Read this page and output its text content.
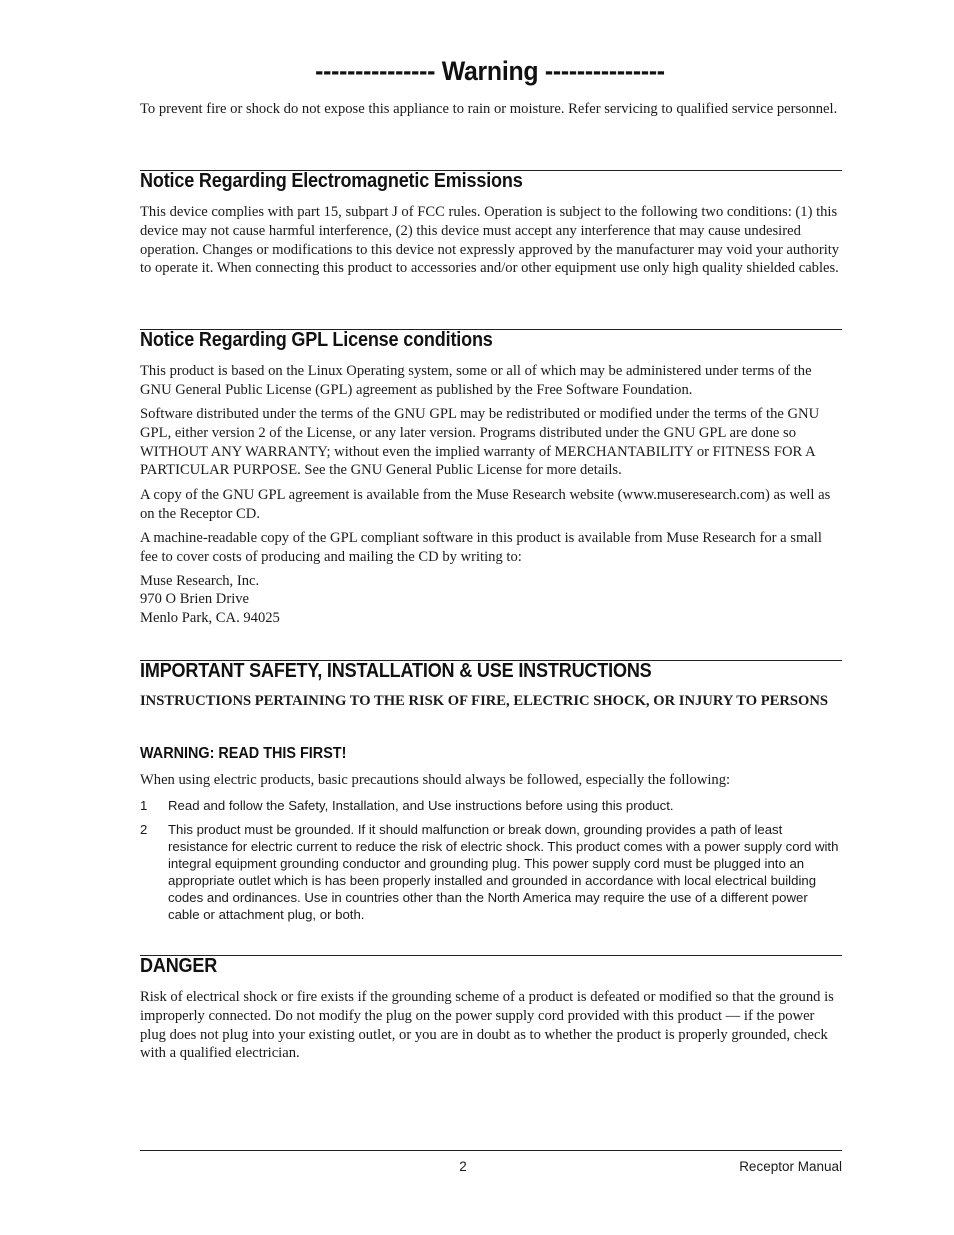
--------------- Warning ---------------

To prevent fire or shock do not expose this appliance to rain or moisture. Refer servicing to qualified service personnel.

Notice Regarding Electromagnetic Emissions

This device complies with part 15, subpart J of FCC rules. Operation is subject to the following two conditions: (1) this device may not cause harmful interference, (2) this device must accept any interference that may cause undesired operation. Changes or modifications to this device not expressly approved by the manufacturer may void your authority to operate it. When connecting this product to accessories and/or other equipment use only high quality shielded cables.

Notice Regarding GPL License conditions

This product is based on the Linux Operating system, some or all of which may be administered under terms of the GNU General Public License (GPL) agreement as published by the Free Software Foundation.

Software distributed under the terms of the GNU GPL may be redistributed or modified under the terms of the GNU GPL, either version 2 of the License, or any later version. Programs distributed under the GNU GPL are done so WITHOUT ANY WARRANTY; without even the implied warranty of MERCHANTABILITY or FITNESS FOR A PARTICULAR PURPOSE. See the GNU General Public License for more details.

A copy of the GNU GPL agreement is available from the Muse Research website (www.museresearch.com) as well as on the Receptor CD.

A machine-readable copy of the GPL compliant software in this product is available from Muse Research for a small fee to cover costs of producing and mailing the CD by writing to:

Muse Research, Inc.

970 O Brien Drive

Menlo Park, CA. 94025

IMPORTANT SAFETY, INSTALLATION & USE INSTRUCTIONS

INSTRUCTIONS PERTAINING TO THE RISK OF FIRE, ELECTRIC SHOCK, OR INJURY TO PERSONS

WARNING: READ THIS FIRST!

When using electric products, basic precautions should always be followed, especially the following:

1	Read and follow the Safety, Installation, and Use instructions before using this product.
2	This product must be grounded. If it should malfunction or break down, grounding provides a path of least resistance for electric current to reduce the risk of electric shock. This product comes with a power supply cord with integral equipment grounding conductor and grounding plug. This power supply cord must be plugged into an appropriate outlet which is has been properly installed and grounded in accordance with local electrical building codes and ordinances. Use in countries other than the North America may require the use of a different power cable or attachment plug, or both.
DANGER

Risk of electrical shock or fire exists if the grounding scheme of a product is defeated or modified so that the ground is improperly connected. Do not modify the plug on the power supply cord provided with this product — if the power plug does not plug into your existing outlet, or you are in doubt as to whether the product is properly grounded, check with a qualified electrician.

2	Receptor Manual
